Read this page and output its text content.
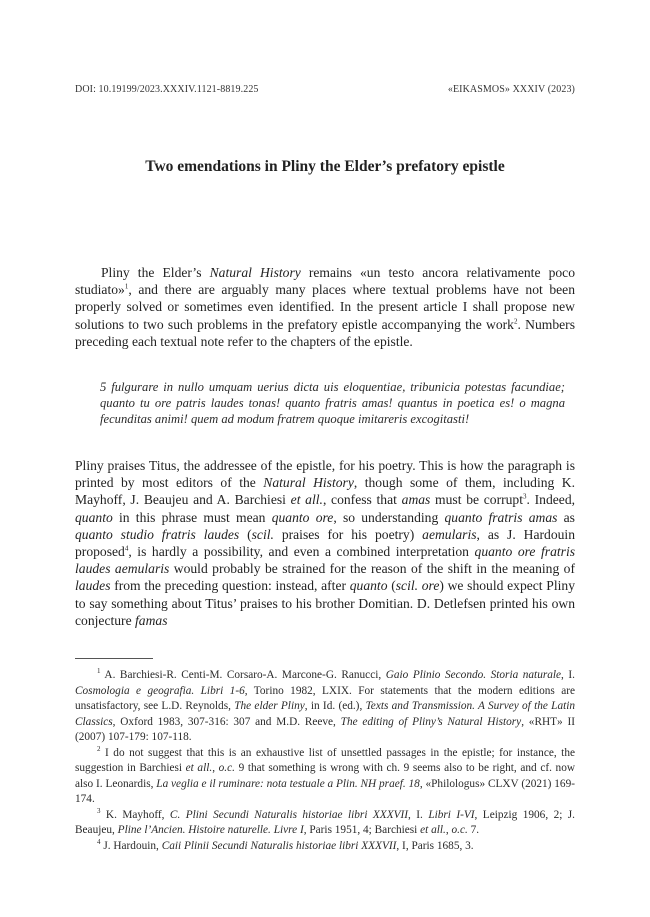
DOI: 10.19199/2023.XXXIV.1121-8819.225	«EIKASMOS» XXXIV (2023)
Two emendations in Pliny the Elder’s prefatory epistle

Pliny the Elder’s Natural History remains «un testo ancora relativamente poco studiato»$^1$, and there are arguably many places where textual problems have not been properly solved or sometimes even identified. In the present article I shall propose new solutions to two such problems in the prefatory epistle accompanying the work$^2$. Numbers preceding each textual note refer to the chapters of the epistle.

5 fulgurare in nullo umquam uerius dicta uis eloquentiae, tribunicia potestas facundiae; quanto tu ore patris laudes tonas! quanto fratris amas! quantus in poetica es! o magna fecunditas animi! quem ad modum fratrem quoque imitareris excogitasti!

Pliny praises Titus, the addressee of the epistle, for his poetry. This is how the paragraph is printed by most editors of the Natural History, though some of them, including K. Mayhoff, J. Beaujeu and A. Barchiesi et all., confess that amas must be corrupt$^3$. Indeed, quanto in this phrase must mean quanto ore, so understanding quanto fratris amas as quanto studio fratris laudes (scil. praises for his poetry) aemularis, as J. Hardouin proposed$^4$, is hardly a possibility, and even a combined interpretation quanto ore fratris laudes aemularis would probably be strained for the reason of the shift in the meaning of laudes from the preceding question: instead, after quanto (scil. ore) we should expect Pliny to say something about Titus’ praises to his brother Domitian. D. Detlefsen printed his own conjecture famas

$^1$ A. Barchiesi-R. Centi-M. Corsaro-A. Marcone-G. Ranucci, Gaio Plinio Secondo. Storia naturale, I. Cosmologia e geografia. Libri 1-6, Torino 1982, LXIX. For statements that the modern editions are unsatisfactory, see L.D. Reynolds, The elder Pliny, in Id. (ed.), Texts and Transmission. A Survey of the Latin Classics, Oxford 1983, 307-316: 307 and M.D. Reeve, The editing of Pliny’s Natural History, «RHT» II (2007) 107-179: 107-118.

$^2$ I do not suggest that this is an exhaustive list of unsettled passages in the epistle; for instance, the suggestion in Barchiesi et all., o.c. 9 that something is wrong with ch. 9 seems also to be right, and cf. now also I. Leonardis, La veglia e il ruminare: nota testuale a Plin. NH praef. 18, «Philologus» CLXV (2021) 169-174.

$^3$ K. Mayhoff, C. Plini Secundi Naturalis historiae libri XXXVII, I. Libri I-VI, Leipzig 1906, 2; J. Beaujeu, Pline l’Ancien. Histoire naturelle. Livre I, Paris 1951, 4; Barchiesi et all., o.c. 7.

$^4$ J. Hardouin, Caii Plinii Secundi Naturalis historiae libri XXXVII, I, Paris 1685, 3.
